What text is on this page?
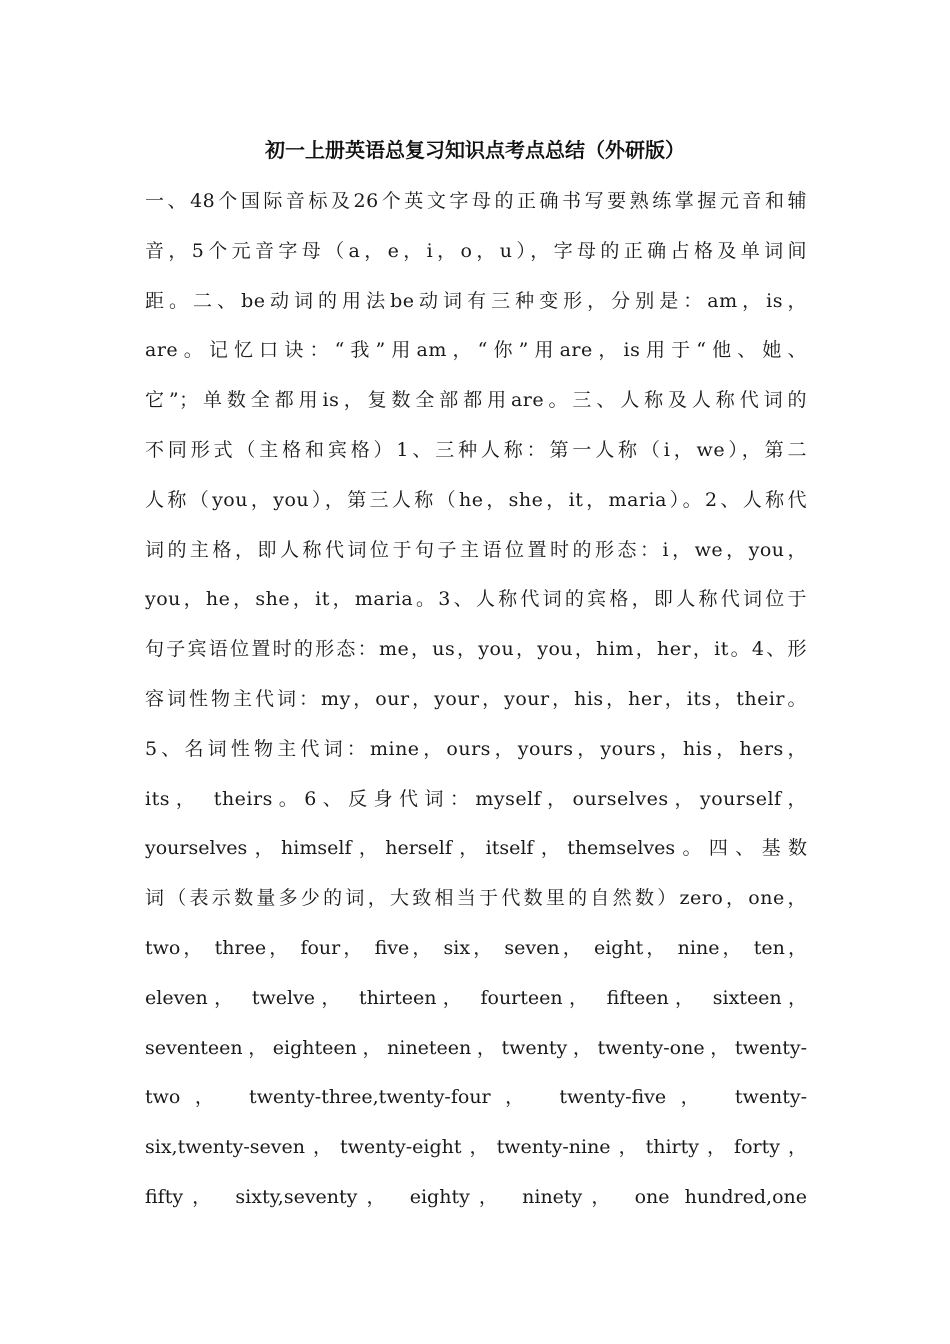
初一上册英语总复习知识点考点总结（外研版）
一、48个国际音标及26个英文字母的正确书写要熟练掌握元音和辅
音，5个元音字母（a，e，i，o，u），字母的正确占格及单词间
距。二、be动词的用法be动词有三种变形，分别是：am，is，
are。记忆口诀：“我”用am，“你”用are，is用于“他、她、
它”；单数全都用is，复数全部都用are。三、人称及人称代词的
不同形式（主格和宾格）1、三种人称：第一人称（i，we），第二
人称（you，you），第三人称（he，she，it，maria）。2、人称代
词的主格，即人称代词位于句子主语位置时的形态：i，we，you，
you，he，she，it，maria。3、人称代词的宾格，即人称代词位于
句子宾语位置时的形态：me，us，you，you，him，her，it。4、形
容词性物主代词：my，our，your，your，his，her，its，their。
5、名词性物主代词：mine，ours，yours，yours，his，hers，
its， theirs。6、反身代词：myself，ourselves，yourself，
yourselves，himself，herself，itself，themselves。四、基数
词（表示数量多少的词，大致相当于代数里的自然数）zero，one，
two， three， four， five， six， seven， eight， nine， ten，
eleven， twelve， thirteen， fourteen， fifteen， sixteen，
seventeen，eighteen，nineteen，twenty，twenty-one，twenty-
two， twenty-three,twenty-four， twenty-five， twenty-
six,twenty-seven，twenty-eight，twenty-nine，thirty，forty，
fifty， sixty,seventy， eighty， ninety， one hundred,one
